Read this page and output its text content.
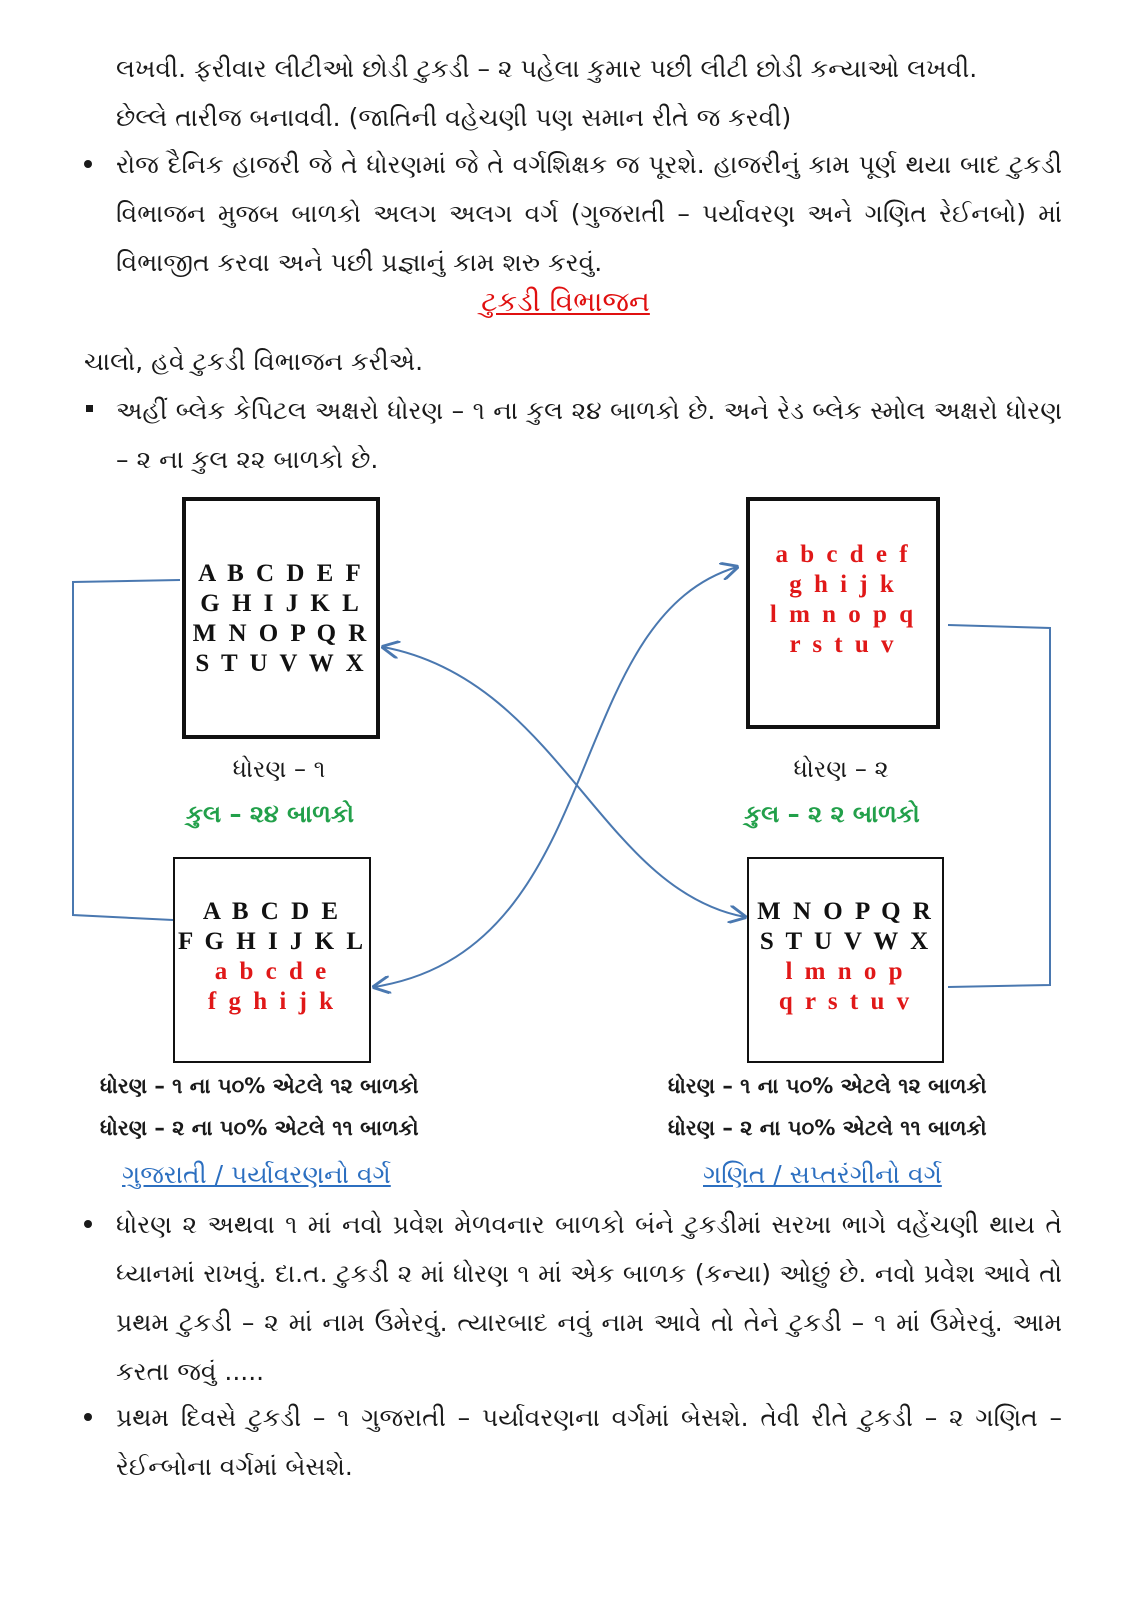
લખવી. ફરીવાર લીટીઓ છોડી ટુકડી – ૨ પહેલા કુમાર પછી લીટી છોડી કન્યાઓ લખવી.
છેલ્લે તારીજ બનાવવી. (જાતિની વહેચણી પણ સમાન રીતે જ કરવી)
રોજ દૈનિક હાજરી જે તે ધોરણમાં જે તે વર્ગશિક્ષક જ પૂરશે. હાજરીનું કામ પૂર્ણ થયા બાદ ટુકડી વિભાજન મુજબ બાળકો અલગ અલગ વર્ગ (ગુજરાતી – પર્યાવરણ અને ગણિત રેઈનબો) માં વિભાજીત કરવા અને પછી પ્રજ્ઞાનું કામ શરુ કરવું.
ટુકડી વિભાજન
ચાલો, હવે ટુકડી વિભાજન કરીએ.
અહીં બ્લેક કેપિટલ અક્ષરો ધોરણ – ૧ ના કુલ ૨૪ બાળકો છે. અને રેડ બ્લેક સ્મોલ અક્ષરો ધોરણ – ૨ ના કુલ ૨૨ બાળકો છે.
A B C D E F
G H I J K L
M N O P Q R
S T U V W X
a b c d e f
g h i j k
l m n o p q
r s t u v
ધોરણ – ૧
કુલ – ૨૪ બાળકો
ધોરણ – ૨
કુલ – ૨ ૨ બાળકો
A B C D E
F G H I J K L
a b c d e
f g h i j k
M N O P Q R
S T U V W X
l m n o p
q r s t u v
ધોરણ – ૧ ના ૫૦% એટલે ૧૨ બાળકો
ધોરણ – ૨ ના ૫૦% એટલે ૧૧ બાળકો
ધોરણ – ૧ ના ૫૦% એટલે ૧૨ બાળકો
ધોરણ – ૨ ના ૫૦% એટલે ૧૧ બાળકો
ગુજરાતી / પર્યાવરણનો વર્ગ	ગણિત / સપ્તરંગીનો વર્ગ
ધોરણ ૨ અથવા ૧ માં નવો પ્રવેશ મેળવનાર બાળકો બંને ટુકડીમાં સરખા ભાગે વહેંચણી થાય તે ધ્યાનમાં રાખવું. દા.ત. ટુકડી ૨ માં ધોરણ ૧ માં એક બાળક (કન્યા) ઓછું છે. નવો પ્રવેશ આવે તો પ્રથમ ટુકડી – ૨ માં નામ ઉમેરવું. ત્યારબાદ નવું નામ આવે તો તેને ટુકડી – ૧ માં ઉમેરવું. આમ કરતા જવું .....
પ્રથમ દિવસે ટુકડી – ૧ ગુજરાતી – પર્યાવરણના વર્ગમાં બેસશે. તેવી રીતે ટુકડી – ૨ ગણિત – રેઈન્બોના વર્ગમાં બેસશે.
